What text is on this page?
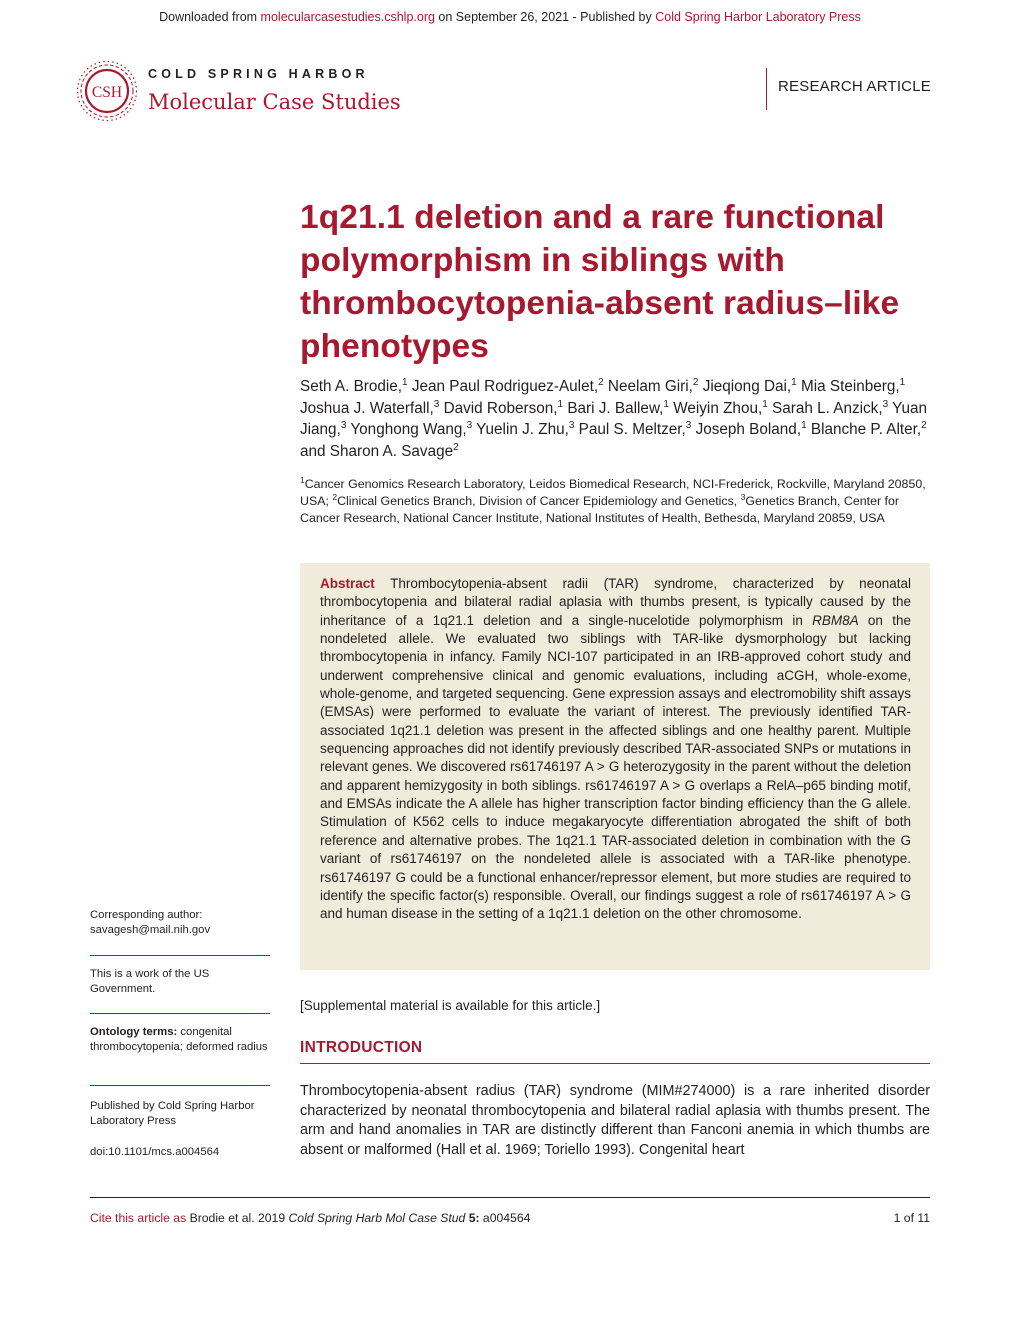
Downloaded from molecularcasestudies.cshlp.org on September 26, 2021 - Published by Cold Spring Harbor Laboratory Press
CSH
COLD SPRING HARBOR
Molecular Case Studies
RESEARCH ARTICLE
1q21.1 deletion and a rare functional polymorphism in siblings with thrombocytopenia-absent radius–like phenotypes
Seth A. Brodie,$^1$ Jean Paul Rodriguez-Aulet,$^2$ Neelam Giri,$^2$ Jieqiong Dai,$^1$ Mia Steinberg,$^1$ Joshua J. Waterfall,$^3$ David Roberson,$^1$ Bari J. Ballew,$^1$ Weiyin Zhou,$^1$ Sarah L. Anzick,$^3$ Yuan Jiang,$^3$ Yonghong Wang,$^3$ Yuelin J. Zhu,$^3$ Paul S. Meltzer,$^3$ Joseph Boland,$^1$ Blanche P. Alter,$^2$ and Sharon A. Savage$^2$
$^1$Cancer Genomics Research Laboratory, Leidos Biomedical Research, NCI-Frederick, Rockville, Maryland 20850, USA; $^2$Clinical Genetics Branch, Division of Cancer Epidemiology and Genetics, $^3$Genetics Branch, Center for Cancer Research, National Cancer Institute, National Institutes of Health, Bethesda, Maryland 20859, USA
Abstract Thrombocytopenia-absent radii (TAR) syndrome, characterized by neonatal thrombocytopenia and bilateral radial aplasia with thumbs present, is typically caused by the inheritance of a 1q21.1 deletion and a single-nucelotide polymorphism in RBM8A on the nondeleted allele. We evaluated two siblings with TAR-like dysmorphology but lacking thrombocytopenia in infancy. Family NCI-107 participated in an IRB-approved cohort study and underwent comprehensive clinical and genomic evaluations, including aCGH, whole-exome, whole-genome, and targeted sequencing. Gene expression assays and electromobility shift assays (EMSAs) were performed to evaluate the variant of interest. The previously identified TAR-associated 1q21.1 deletion was present in the affected siblings and one healthy parent. Multiple sequencing approaches did not identify previously described TAR-associated SNPs or mutations in relevant genes. We discovered rs61746197 A > G heterozygosity in the parent without the deletion and apparent hemizygosity in both siblings. rs61746197 A > G overlaps a RelA–p65 binding motif, and EMSAs indicate the A allele has higher transcription factor binding efficiency than the G allele. Stimulation of K562 cells to induce megakaryocyte differentiation abrogated the shift of both reference and alternative probes. The 1q21.1 TAR-associated deletion in combination with the G variant of rs61746197 on the nondeleted allele is associated with a TAR-like phenotype. rs61746197 G could be a functional enhancer/repressor element, but more studies are required to identify the specific factor(s) responsible. Overall, our findings suggest a role of rs61746197 A > G and human disease in the setting of a 1q21.1 deletion on the other chromosome.
[Supplemental material is available for this article.]
INTRODUCTION
Thrombocytopenia-absent radius (TAR) syndrome (MIM#274000) is a rare inherited disorder characterized by neonatal thrombocytopenia and bilateral radial aplasia with thumbs present. The arm and hand anomalies in TAR are distinctly different than Fanconi anemia in which thumbs are absent or malformed (Hall et al. 1969; Toriello 1993). Congenital heart
Corresponding author:
savagesh@mail.nih.gov
This is a work of the US Government.
Ontology terms: congenital thrombocytopenia; deformed radius
Published by Cold Spring Harbor Laboratory Press
doi:10.1101/mcs.a004564
Cite this article as Brodie et al. 2019 Cold Spring Harb Mol Case Stud 5: a004564	1 of 11
